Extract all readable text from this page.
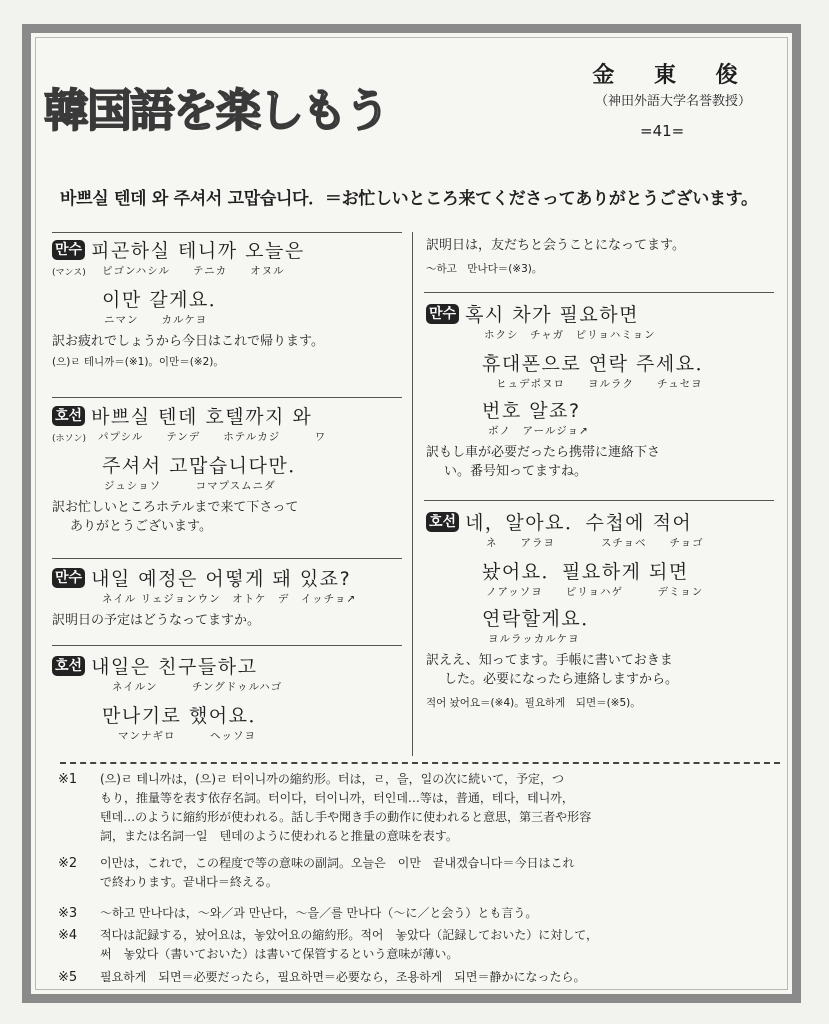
韓国語を楽しもう
金 東 俊
（神田外語大学名誉教授）
=41=
바쁘실 텐데 와 주셔서 고맙습니다．＝お忙しいところ来てくださってありがとうございます。
만수 피곤하실 테니까 오늘은
(マンス)	ピゴンハシル　　テニカ　　オヌル
이만 갈게요．
ニマン　　カルケヨ
訳お疲れでしょうから今日はこれで帰ります。
(으)ㄹ 테니까＝(※1)。이만＝(※2)。
호선 바쁘실 텐데 호텔까지 와
(ホソン)	パプシル　　テンデ　　ホテルカジ　　　ワ
주셔서 고맙습니다만．
ジュショソ　　　コマプスムニダ
訳お忙しいところホテルまで来て下さって
ありがとうございます。
만수 내일 예정은 어떻게 돼 있죠?
ネイル リェジョンウン　オトケ　デ　イッチョ↗
訳明日の予定はどうなってますか。
호선 내일은 친구들하고
ネイルン　　　チングドゥルハゴ
만나기로 했어요．
マンナギロ　　　ヘッソヨ
訳明日は，友だちと会うことになってます。
～하고　만나다＝(※3)。
만수 혹시 차가 필요하면
ホクシ　チャガ　ピリョハミョン
휴대폰으로 연락 주세요．
ヒュデポヌロ　　ヨルラク　　チュセヨ
번호 알죠?
ボノ　アールジョ↗
訳もし車が必要だったら携帯に連絡下さ
い。番号知ってますね。
호선 네，알아요．수첩에 적어
ネ　　アラヨ　　　　スチョベ　　チョゴ
놨어요．필요하게 되면
ノアッソヨ　　ピリョハゲ　　　デミョン
연락할게요．
ヨルラッカルケヨ
訳ええ、知ってます。手帳に書いておきま
した。必要になったら連絡しますから。
적어 놨어요＝(※4)。필요하게　되면＝(※5)。
※1	(으)ㄹ 테니까は，(으)ㄹ 터이니까の縮約形。터は，ㄹ，을，일の次に続いて，予定，つ
もり，推量等を表す依存名詞。터이다，터이니까，터인데…等は，普通，테다，테니까，
텐데…のように縮約形が使われる。話し手や聞き手の動作に使われると意思，第三者や形容
詞，または名詞一일　텐데のように使われると推量の意味を表す。
※2	이만は，これで，この程度で等の意味の副詞。오늘은　이만　끝내겠습니다＝今日はこれ
で終わります。끝내다＝終える。
※3	～하고 만나다は，～와／과 만난다，～을／를 만나다（～に／と会う）とも言う。
※4	적다は記録する，놨어요は，놓았어요の縮約形。적어　놓았다（記録しておいた）に対して，
써　놓았다（書いておいた）は書いて保管するという意味が薄い。
※5	필요하게　되면＝必要だったら，필요하면＝必要なら，조용하게　되면＝静かになったら。
